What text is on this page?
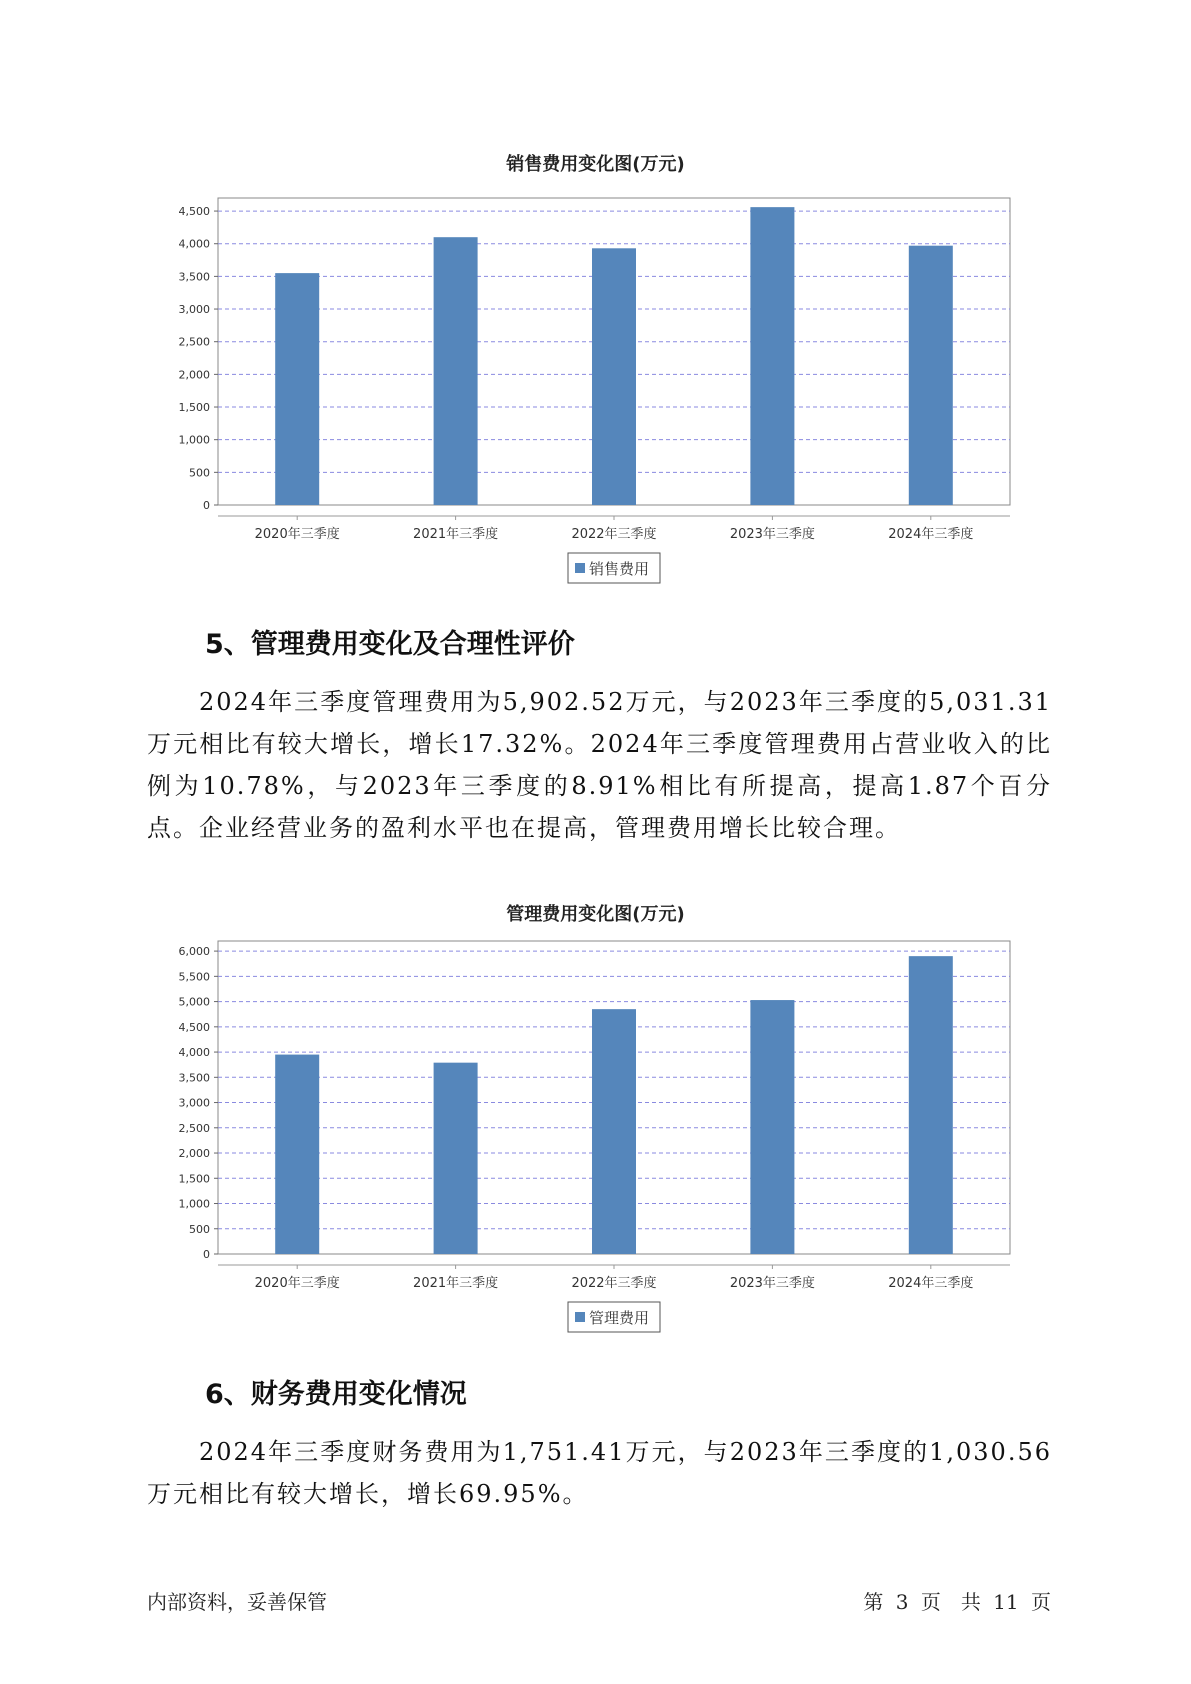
销售费用变化图(万元)
0
500
1,000
1,500
2,000
2,500
3,000
3,500
4,000
4,500
2020年三季度	2021年三季度	2022年三季度	2023年三季度	2024年三季度
销售费用
5、管理费用变化及合理性评价

2024年三季度管理费用为5,902.52万元，与2023年三季度的5,031.31万元相比有较大增长，增长17.32%。2024年三季度管理费用占营业收入的比例为10.78%，与2023年三季度的8.91%相比有所提高，提高1.87个百分点。企业经营业务的盈利水平也在提高，管理费用增长比较合理。

管理费用变化图(万元)
0
500
1,000
1,500
2,000
2,500
3,000
3,500
4,000
4,500
5,000
5,500
6,000
2020年三季度	2021年三季度	2022年三季度	2023年三季度	2024年三季度
管理费用
6、财务费用变化情况

2024年三季度财务费用为1,751.41万元，与2023年三季度的1,030.56万元相比有较大增长，增长69.95%。

内部资料，妥善保管	第 3 页　共 11 页
